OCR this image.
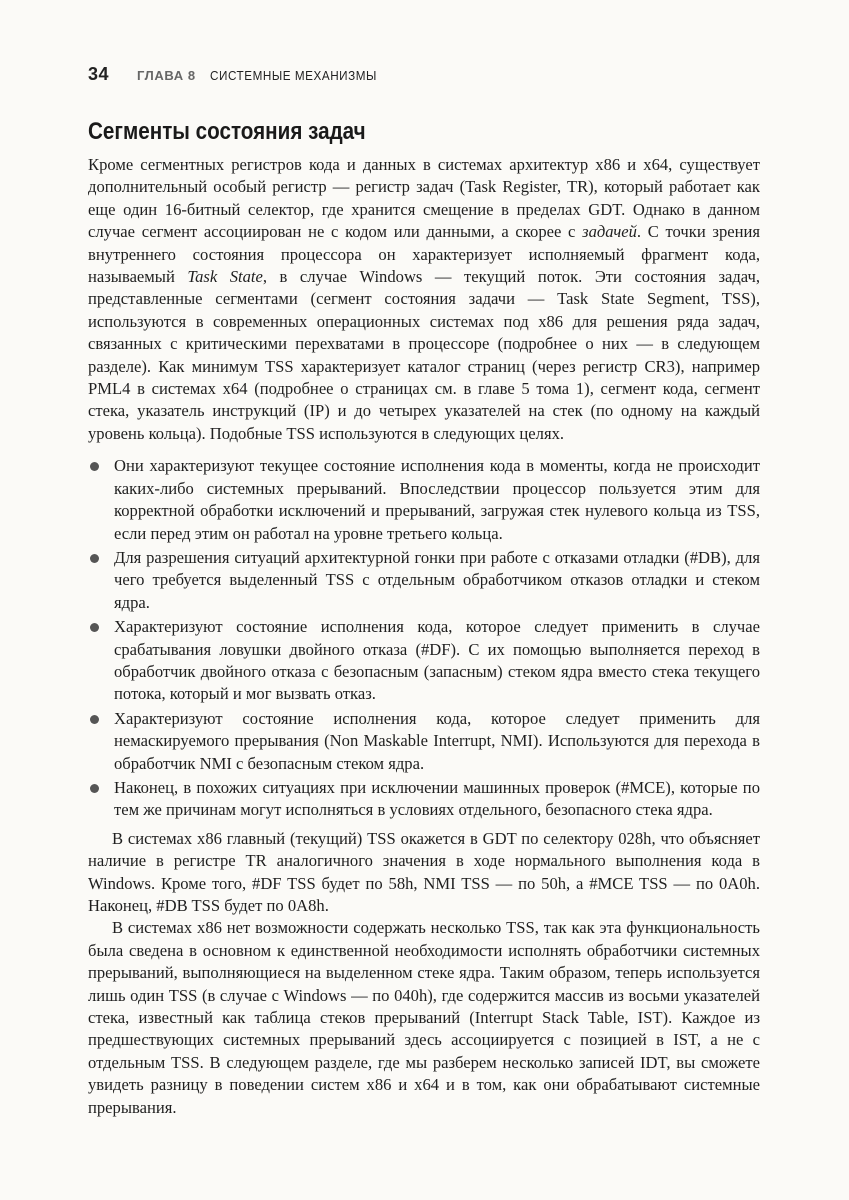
34 ГЛАВА 8 СИСТЕМНЫЕ МЕХАНИЗМЫ
Сегменты состояния задач

Кроме сегментных регистров кода и данных в системах архитектур x86 и x64, существует дополнительный особый регистр — регистр задач (Task Register, TR), который работает как еще один 16-битный селектор, где хранится смещение в пределах GDT. Однако в данном случае сегмент ассоциирован не с кодом или данными, а скорее с задачей. С точки зрения внутреннего состояния процессора он характеризует исполняемый фрагмент кода, называемый Task State, в случае Windows — текущий поток. Эти состояния задач, представленные сегментами (сегмент состояния задачи — Task State Segment, TSS), используются в современных операционных системах под x86 для решения ряда задач, связанных с критическими перехватами в процессоре (подробнее о них — в следующем разделе). Как минимум TSS характеризует каталог страниц (через регистр CR3), например PML4 в системах x64 (подробнее о страницах см. в главе 5 тома 1), сегмент кода, сегмент стека, указатель инструкций (IP) и до четырех указателей на стек (по одному на каждый уровень кольца). Подобные TSS используются в следующих целях.

Они характеризуют текущее состояние исполнения кода в моменты, когда не происходит каких-либо системных прерываний. Впоследствии процессор пользуется этим для корректной обработки исключений и прерываний, загружая стек нулевого кольца из TSS, если перед этим он работал на уровне третьего кольца.
Для разрешения ситуаций архитектурной гонки при работе с отказами отладки (#DB), для чего требуется выделенный TSS с отдельным обработчиком отказов отладки и стеком ядра.
Характеризуют состояние исполнения кода, которое следует применить в случае срабатывания ловушки двойного отказа (#DF). С их помощью выполняется переход в обработчик двойного отказа с безопасным (запасным) стеком ядра вместо стека текущего потока, который и мог вызвать отказ.
Характеризуют состояние исполнения кода, которое следует применить для немаскируемого прерывания (Non Maskable Interrupt, NMI). Используются для перехода в обработчик NMI с безопасным стеком ядра.
Наконец, в похожих ситуациях при исключении машинных проверок (#MCE), которые по тем же причинам могут исполняться в условиях отдельного, безопасного стека ядра.

В системах x86 главный (текущий) TSS окажется в GDT по селектору 028h, что объясняет наличие в регистре TR аналогичного значения в ходе нормального выполнения кода в Windows. Кроме того, #DF TSS будет по 58h, NMI TSS — по 50h, а #MCE TSS — по 0A0h. Наконец, #DB TSS будет по 0A8h.

В системах x86 нет возможности содержать несколько TSS, так как эта функциональность была сведена в основном к единственной необходимости исполнять обработчики системных прерываний, выполняющиеся на выделенном стеке ядра. Таким образом, теперь используется лишь один TSS (в случае с Windows — по 040h), где содержится массив из восьми указателей стека, известный как таблица стеков прерываний (Interrupt Stack Table, IST). Каждое из предшествующих системных прерываний здесь ассоциируется с позицией в IST, а не с отдельным TSS. В следующем разделе, где мы разберем несколько записей IDT, вы сможете увидеть разницу в поведении систем x86 и x64 и в том, как они обрабатывают системные прерывания.
